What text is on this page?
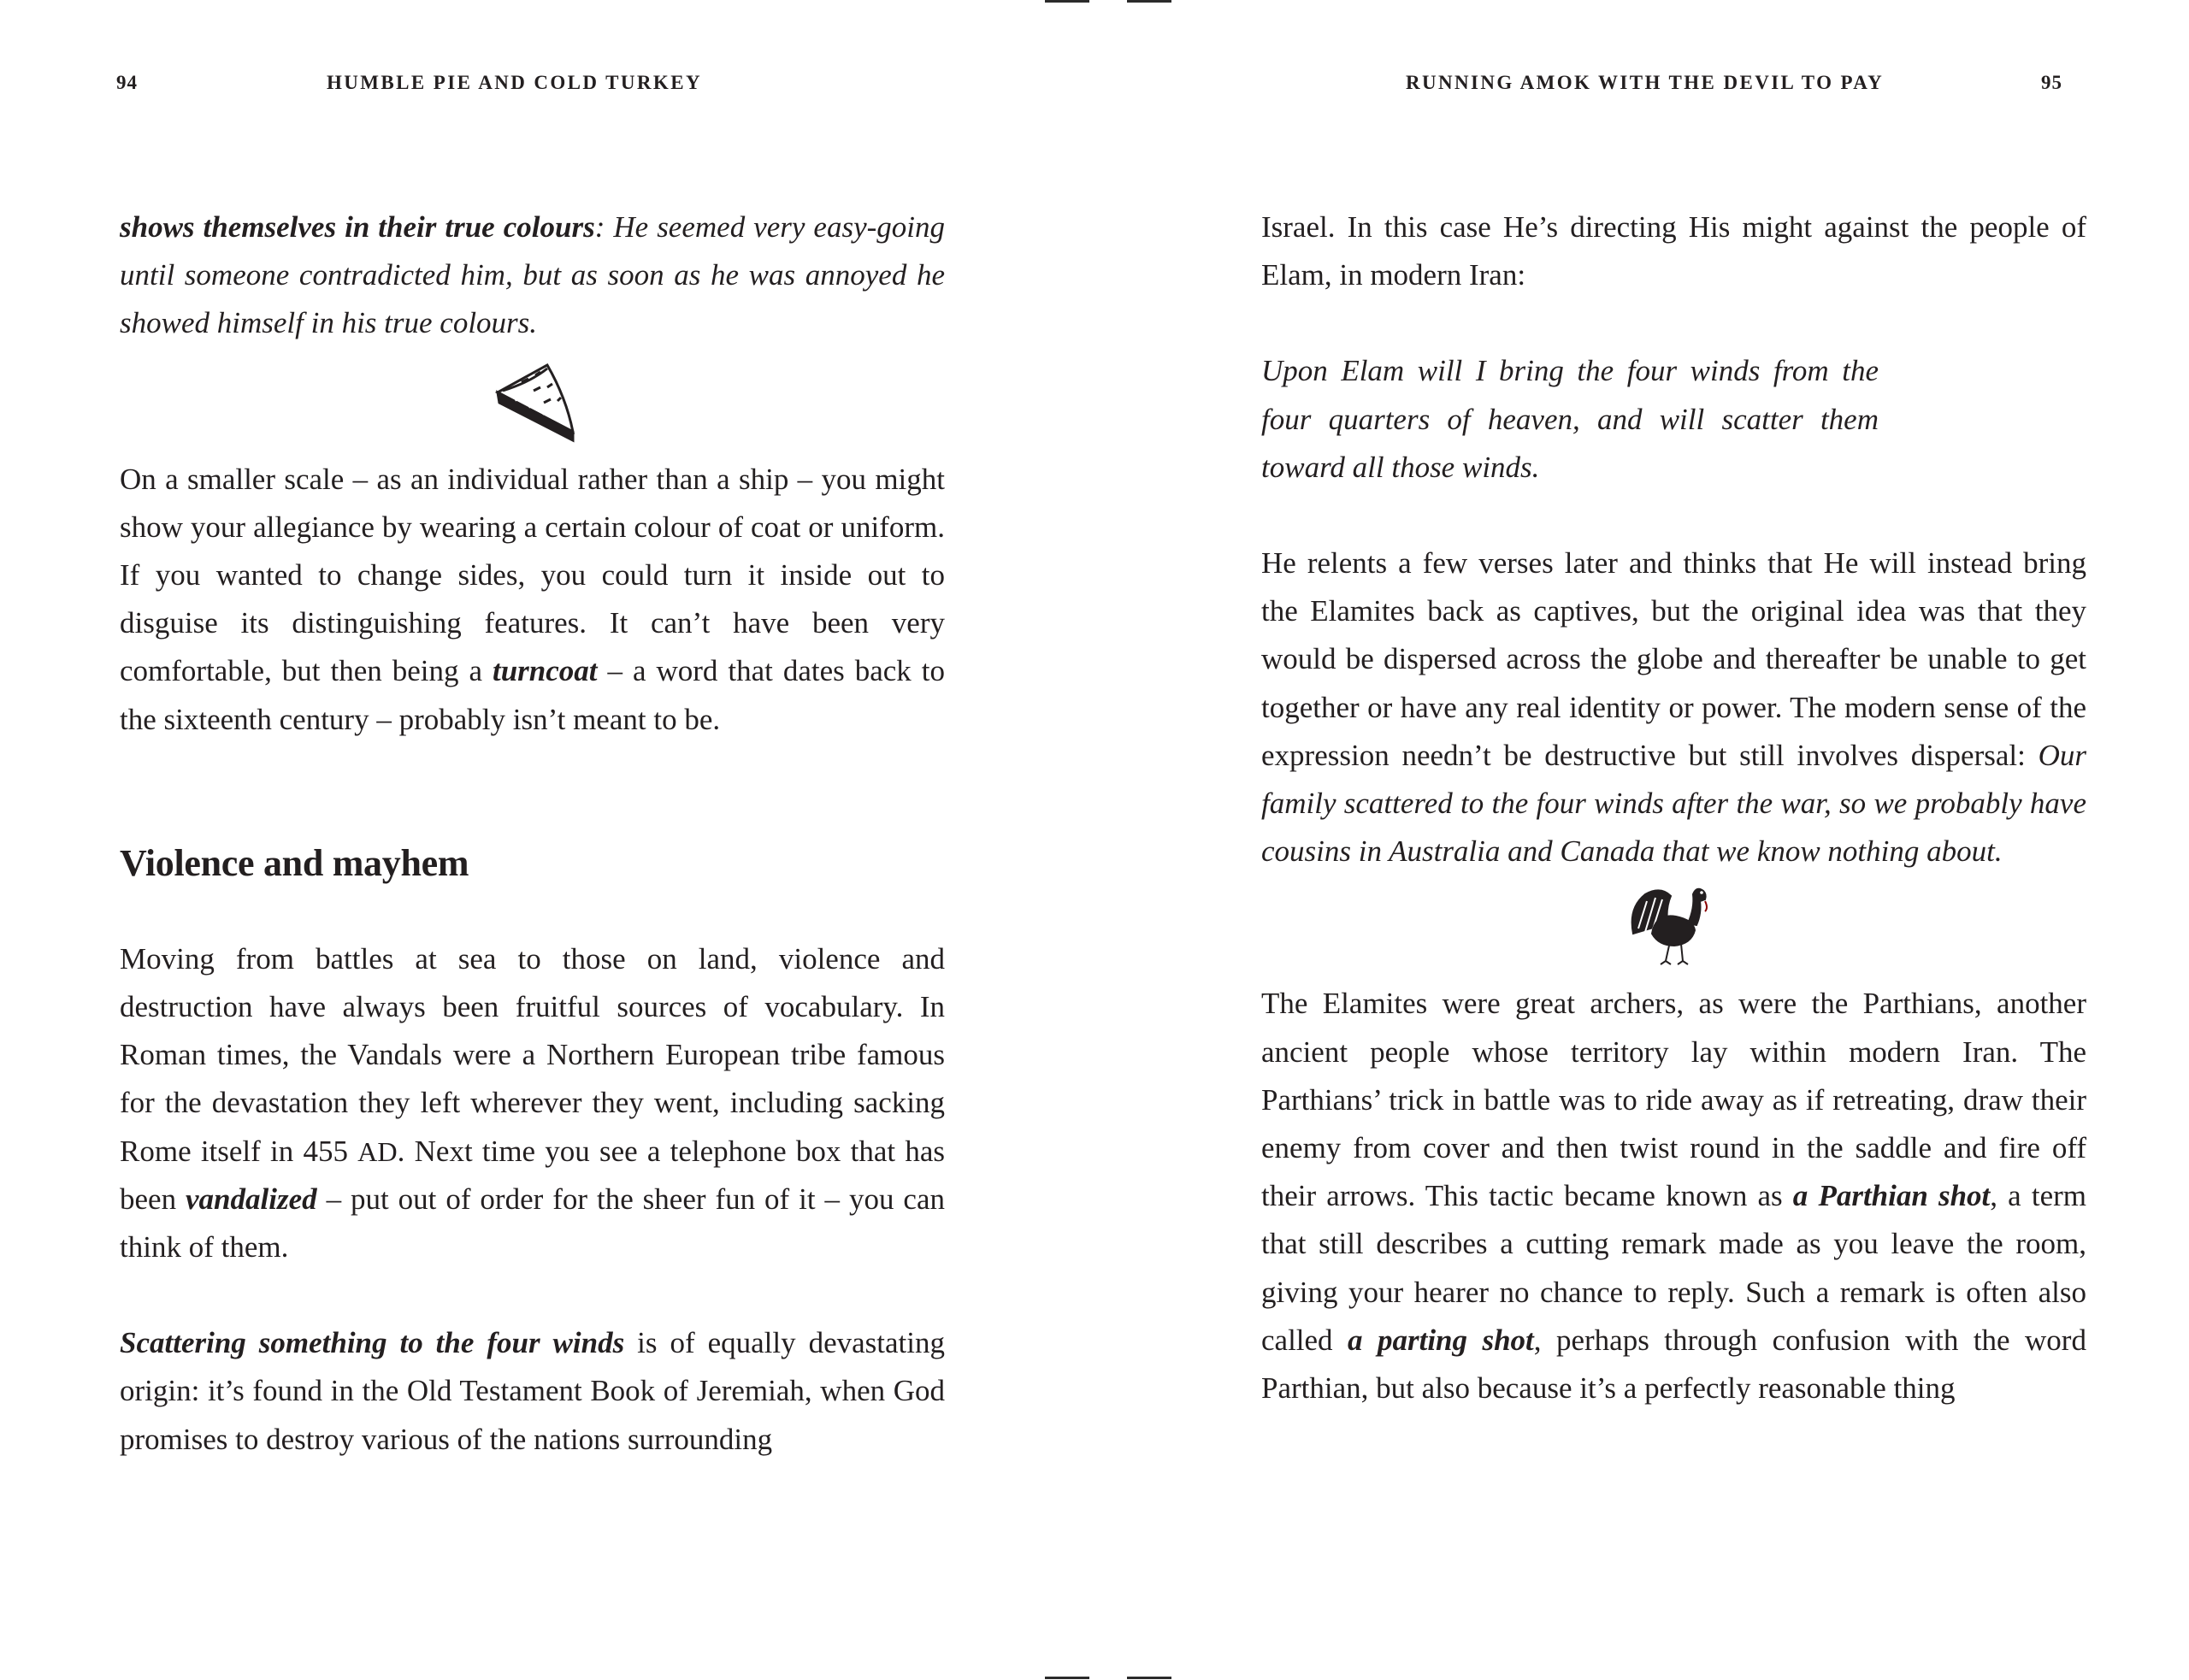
94	HUMBLE PIE AND COLD TURKEY

shows themselves in their true colours: He seemed very easy-going until someone contradicted him, but as soon as he was annoyed he showed himself in his true colours.

On a smaller scale – as an individual rather than a ship – you might show your allegiance by wearing a certain colour of coat or uniform. If you wanted to change sides, you could turn it inside out to disguise its distinguishing features. It can’t have been very comfortable, but then being a turncoat – a word that dates back to the sixteenth century – probably isn’t meant to be.

Violence and mayhem

Moving from battles at sea to those on land, violence and destruction have always been fruitful sources of vocabulary. In Roman times, the Vandals were a Northern European tribe famous for the devastation they left wherever they went, including sacking Rome itself in 455 AD. Next time you see a telephone box that has been vandalized – put out of order for the sheer fun of it – you can think of them.

Scattering something to the four winds is of equally devastating origin: it’s found in the Old Testament Book of Jeremiah, when God promises to destroy various of the nations surrounding

RUNNING AMOK WITH THE DEVIL TO PAY	95

Israel. In this case He’s directing His might against the people of Elam, in modern Iran:

Upon Elam will I bring the four winds from the four quarters of heaven, and will scatter them toward all those winds.

He relents a few verses later and thinks that He will instead bring the Elamites back as captives, but the original idea was that they would be dispersed across the globe and thereafter be unable to get together or have any real identity or power. The modern sense of the expression needn’t be destructive but still involves dispersal: Our family scattered to the four winds after the war, so we probably have cousins in Australia and Canada that we know nothing about.

The Elamites were great archers, as were the Parthians, another ancient people whose territory lay within modern Iran. The Parthians’ trick in battle was to ride away as if retreating, draw their enemy from cover and then twist round in the saddle and fire off their arrows. This tactic became known as a Parthian shot, a term that still describes a cutting remark made as you leave the room, giving your hearer no chance to reply. Such a remark is often also called a parting shot, perhaps through confusion with the word Parthian, but also because it’s a perfectly reasonable thing
